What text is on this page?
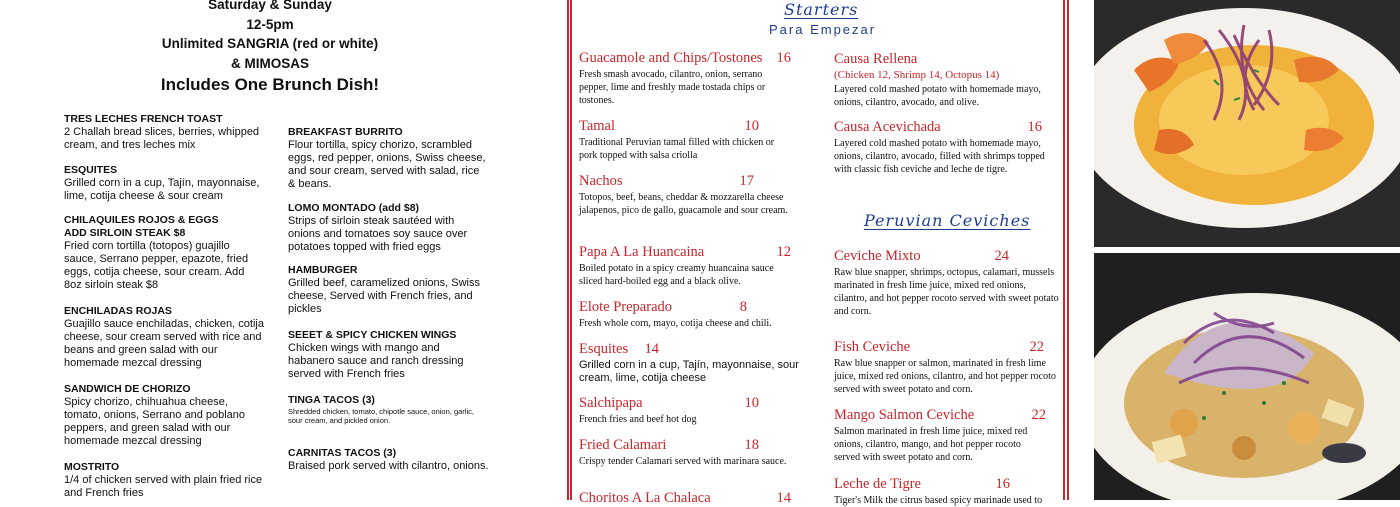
Saturday & Sunday
12-5pm
Unlimited SANGRIA (red or white)
& MIMOSAS
Includes One Brunch Dish!
TRES LECHES FRENCH TOAST
2 Challah bread slices, berries, whipped cream, and tres leches mix
ESQUITES
Grilled corn in a cup, Tajín, mayonnaise, lime, cotija cheese & sour cream
CHILAQUILES ROJOS & EGGS
ADD SIRLOIN STEAK $8
Fried corn tortilla (totopos) guajillo sauce, Serrano pepper, epazote, fried eggs, cotija cheese, sour cream. Add 8oz sirloin steak $8
ENCHILADAS ROJAS
Guajillo sauce enchiladas, chicken, cotija cheese, sour cream served with rice and beans and green salad with our homemade mezcal dressing
SANDWICH DE CHORIZO
Spicy chorizo, chihuahua cheese, tomato, onions, Serrano and poblano peppers, and green salad with our homemade mezcal dressing
MOSTRITO
1/4 of chicken served with plain fried rice and French fries
BREAKFAST BURRITO
Flour tortilla, spicy chorizo, scrambled eggs, red pepper, onions, Swiss cheese, and sour cream, served with salad, rice & beans.
LOMO MONTADO (add $8)
Strips of sirloin steak sautéed with onions and tomatoes soy sauce over potatoes topped with fried eggs
HAMBURGER
Grilled beef, caramelized onions, Swiss cheese, Served with French fries, and pickles
SEEET & SPICY CHICKEN WINGS
Chicken wings with mango and habanero sauce and ranch dressing served with French fries
TINGA TACOS (3)
Shredded chicken, tomato, chipotle sauce, onion, garlic, sour cream, and pickled onion.
CARNITAS TACOS (3)
Braised pork served with cilantro, onions.
Starters
Para Empezar
Guacamole and Chips/Tostones 16
Fresh smash avocado, cilantro, onion, serrano pepper, lime and freshly made tostada chips or tostones.
Tamal	10
Traditional Peruvian tamal filled with chicken or pork topped with salsa criolla
Nachos	17
Totopos, beef, beans, cheddar & mozzarella cheese jalapenos, pico de gallo, guacamole and sour cream.
Papa A La Huancaina	12
Boiled potato in a spicy creamy huancaina sauce sliced hard-boiled egg and a black olive.
Elote Preparado	8
Fresh whole corn, mayo, cotija cheese and chili.
Esquites 14
Grilled corn in a cup, Tajín, mayonnaise, sour cream, lime, cotija cheese
Salchipapa	10
French fries and beef hot dog
Fried Calamari	18
Crispy tender Calamari served with marinara sauce.
Choritos A La Chalaca	14
Causa Rellena
(Chicken 12, Shrimp 14, Octopus 14)
Layered cold mashed potato with homemade mayo, onions, cilantro, avocado, and olive.
Causa Acevichada	16
Layered cold mashed potato with homemade mayo, onions, cilantro, avocado, filled with shrimps topped with classic fish ceviche and leche de tigre.
Peruvian Ceviches
Ceviche Mixto	24
Raw blue snapper, shrimps, octopus, calamari, mussels marinated in fresh lime juice, mixed red onions, cilantro, and hot pepper rocoto served with sweet potato and corn.
Fish Ceviche	22
Raw blue snapper or salmon, marinated in fresh lime juice, mixed red onions, cilantro, and hot pepper rocoto served with sweet potato and corn.
Mango Salmon Ceviche	22
Salmon marinated in fresh lime juice, mixed red onions, cilantro, mango, and hot pepper rocoto served with sweet potato and corn.
Leche de Tigre	16
Tiger's Milk the citrus based spicy marinade used to
